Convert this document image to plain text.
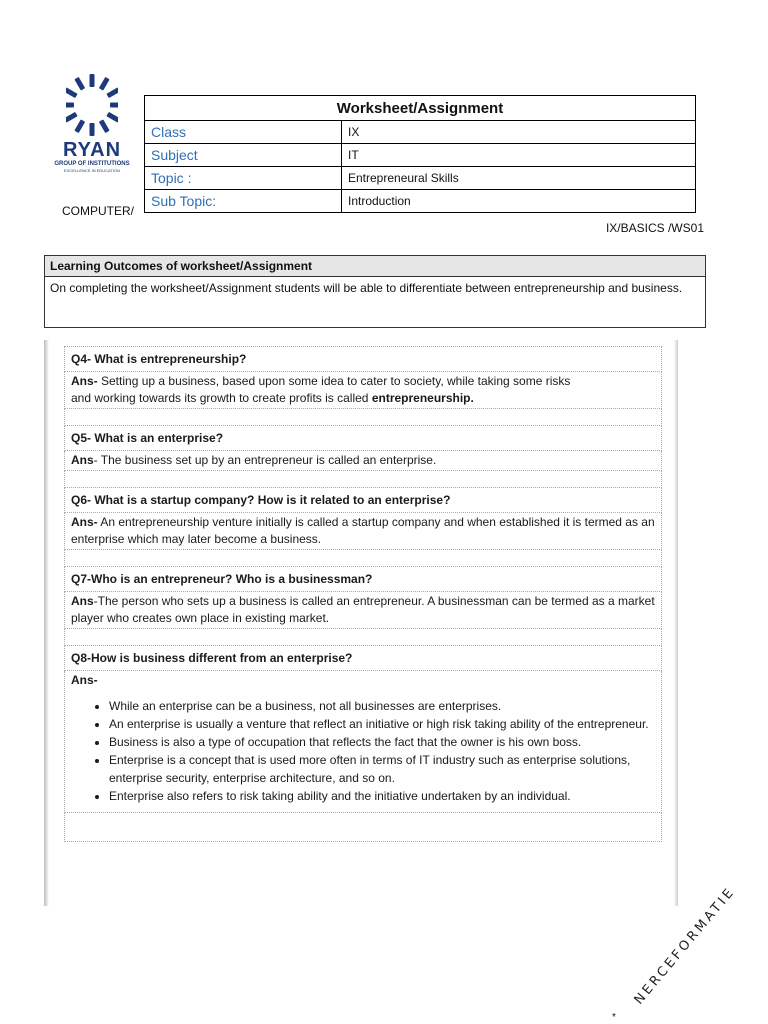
RYAN
GROUP OF INSTITUTIONS
EXCELLENCE IN EDUCATION
COMPUTER/
IX/BASICS /WS01
Worksheet/Assignment	
Class	IX
Subject	IT
Topic :	Entrepreneural Skills
Sub Topic:	Introduction
Learning Outcomes of worksheet/Assignment
On completing the worksheet/Assignment students will be able to differentiate between entrepreneurship and business.
Q4- What is entrepreneurship?
Ans- Setting up a business, based upon some idea to cater to society, while taking some risks
and working towards its growth to create profits is called entrepreneurship.

Q5- What is an enterprise?
Ans- The business set up by an entrepreneur is called an enterprise.

Q6- What is a startup company? How is it related to an enterprise?
Ans- An entrepreneurship venture initially is called a startup company and when established it is termed as an enterprise which may later become a business.

Q7-Who is an entrepreneur? Who is a businessman?
Ans-The person who sets up a business is called an entrepreneur. A businessman can be termed as a market player who creates own place in existing market.

Q8-How is business different from an enterprise?
Ans-
• While an enterprise can be a business, not all businesses are enterprises.
• An enterprise is usually a venture that reflect an initiative or high risk taking ability of the entrepreneur.
• Business is also a type of occupation that reflects the fact that the owner is his own boss.
• Enterprise is a concept that is used more often in terms of IT industry such as enterprise solutions, enterprise security, enterprise architecture, and so on.
• Enterprise also refers to risk taking ability and the initiative undertaken by an individual.

NERCEFORMATIE
*
